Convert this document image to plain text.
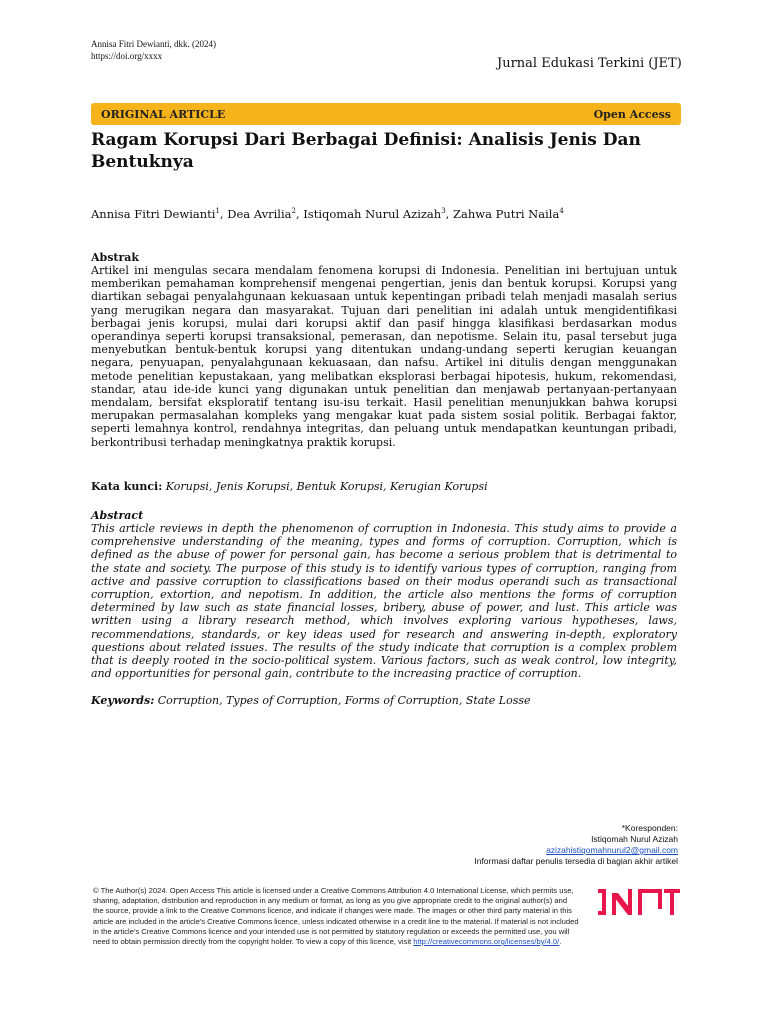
Annisa Fitri Dewianti, dkk. (2024)
https://doi.org/xxxx	Jurnal Edukasi Terkini (JET)
ORIGINAL ARTICLE	Open Access
Ragam Korupsi Dari Berbagai Definisi: Analisis Jenis Dan Bentuknya
Annisa Fitri Dewianti$^1$, Dea Avrilia$^2$, Istiqomah Nurul Azizah$^3$, Zahwa Putri Naila$^4$
Abstrak
Artikel ini mengulas secara mendalam fenomena korupsi di Indonesia. Penelitian ini bertujuan untuk memberikan pemahaman komprehensif mengenai pengertian, jenis dan bentuk korupsi. Korupsi yang diartikan sebagai penyalahgunaan kekuasaan untuk kepentingan pribadi telah menjadi masalah serius yang merugikan negara dan masyarakat. Tujuan dari penelitian ini adalah untuk mengidentifikasi berbagai jenis korupsi, mulai dari korupsi aktif dan pasif hingga klasifikasi berdasarkan modus operandinya seperti korupsi transaksional, pemerasan, dan nepotisme. Selain itu, pasal tersebut juga menyebutkan bentuk-bentuk korupsi yang ditentukan undang-undang seperti kerugian keuangan negara, penyuapan, penyalahgunaan kekuasaan, dan nafsu. Artikel ini ditulis dengan menggunakan metode penelitian kepustakaan, yang melibatkan eksplorasi berbagai hipotesis, hukum, rekomendasi, standar, atau ide-ide kunci yang digunakan untuk penelitian dan menjawab pertanyaan-pertanyaan mendalam, bersifat eksploratif tentang isu-isu terkait. Hasil penelitian menunjukkan bahwa korupsi merupakan permasalahan kompleks yang mengakar kuat pada sistem sosial politik. Berbagai faktor, seperti lemahnya kontrol, rendahnya integritas, dan peluang untuk mendapatkan keuntungan pribadi, berkontribusi terhadap meningkatnya praktik korupsi.
Kata kunci: Korupsi, Jenis Korupsi, Bentuk Korupsi, Kerugian Korupsi
Abstract
This article reviews in depth the phenomenon of corruption in Indonesia. This study aims to provide a comprehensive understanding of the meaning, types and forms of corruption. Corruption, which is defined as the abuse of power for personal gain, has become a serious problem that is detrimental to the state and society. The purpose of this study is to identify various types of corruption, ranging from active and passive corruption to classifications based on their modus operandi such as transactional corruption, extortion, and nepotism. In addition, the article also mentions the forms of corruption determined by law such as state financial losses, bribery, abuse of power, and lust. This article was written using a library research method, which involves exploring various hypotheses, laws, recommendations, standards, or key ideas used for research and answering in-depth, exploratory questions about related issues. The results of the study indicate that corruption is a complex problem that is deeply rooted in the socio-political system. Various factors, such as weak control, low integrity, and opportunities for personal gain, contribute to the increasing practice of corruption.
Keywords: Corruption, Types of Corruption, Forms of Corruption, State Losse
*Koresponden:
Istiqomah Nurul Azizah
azizahistiqomahnurul2@gmail.com
Informasi daftar penulis tersedia di bagian akhir artikel
© The Author(s) 2024. Open Access This article is licensed under a Creative Commons Attribution 4.0 International License, which permits use, sharing, adaptation, distribution and reproduction in any medium or format, as long as you give appropriate credit to the original author(s) and the source, provide a link to the Creative Commons licence, and indicate if changes were made. The images or other third party material in this article are included in the article's Creative Commons licence, unless indicated otherwise in a credit line to the material. If material is not included in the article's Creative Commons licence and your intended use is not permitted by statutory regulation or exceeds the permitted use, you will need to obtain permission directly from the copyright holder. To view a copy of this licence, visit http://creativecommons.org/licenses/by/4.0/.
